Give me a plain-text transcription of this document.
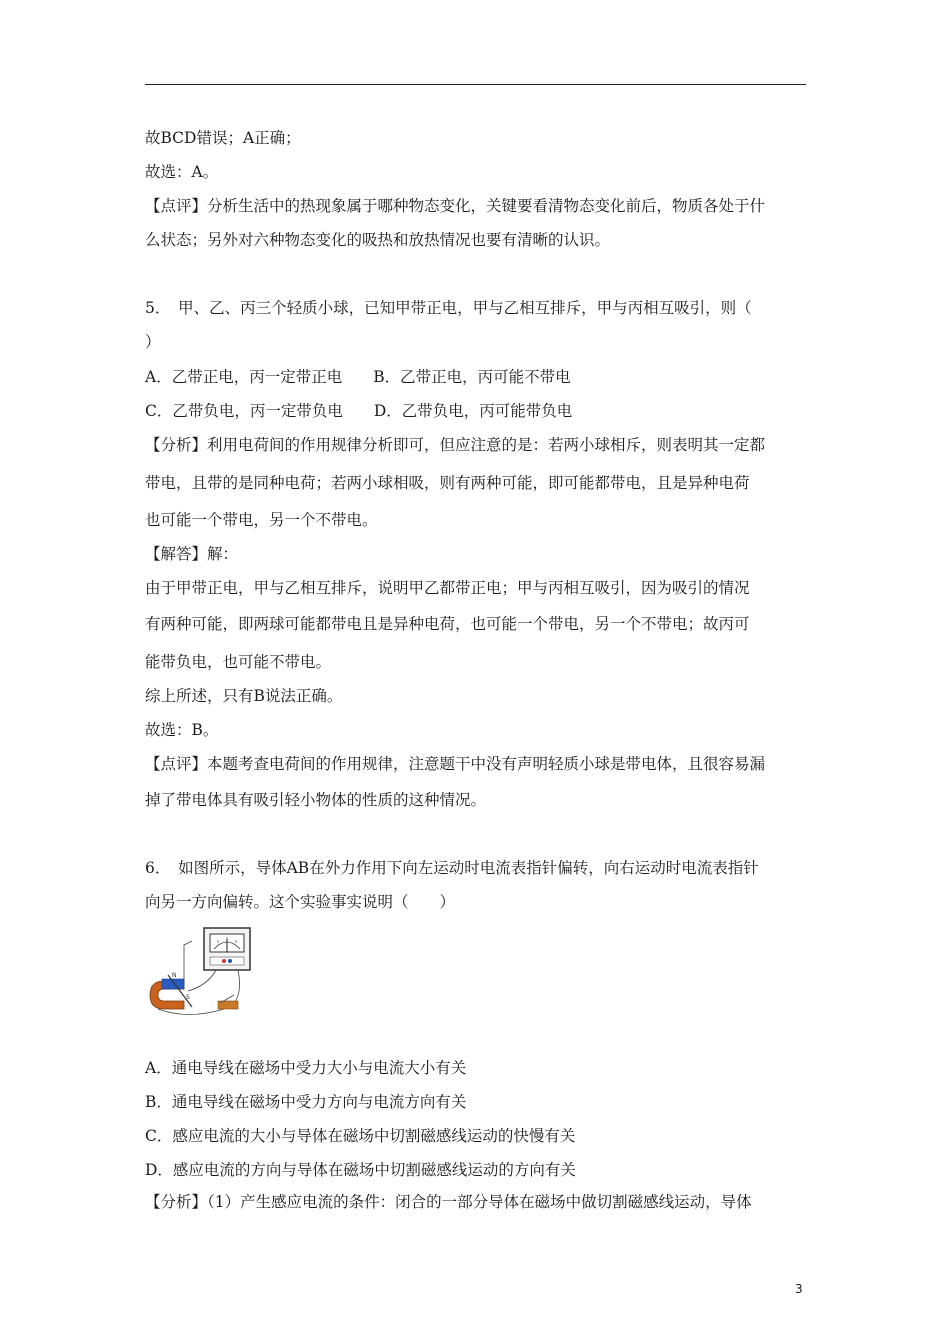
故BCD错误；A正确；
故选：A。
【点评】分析生活中的热现象属于哪种物态变化，关键要看清物态变化前后，物质各处于什
么状态；另外对六种物态变化的吸热和放热情况也要有清晰的认识。
5．　甲、乙、丙三个轻质小球，已知甲带正电，甲与乙相互排斥，甲与丙相互吸引，则（
）
A．乙带正电，丙一定带正电　　B．乙带正电，丙可能不带电
C．乙带负电，丙一定带负电　　D．乙带负电，丙可能带负电
【分析】利用电荷间的作用规律分析即可，但应注意的是：若两小球相斥，则表明其一定都
带电，且带的是同种电荷；若两小球相吸，则有两种可能，即可能都带电，且是异种电荷
也可能一个带电，另一个不带电。
【解答】解：
由于甲带正电，甲与乙相互排斥，说明甲乙都带正电；甲与丙相互吸引，因为吸引的情况
有两种可能，即两球可能都带电且是异种电荷，也可能一个带电，另一个不带电；故丙可
能带负电，也可能不带电。
综上所述，只有B说法正确。
故选：B。
【点评】本题考查电荷间的作用规律，注意题干中没有声明轻质小球是带电体，且很容易漏
掉了带电体具有吸引轻小物体的性质的这种情况。
6．　如图所示，导体AB在外力作用下向左运动时电流表指针偏转，向右运动时电流表指针
向另一方向偏转。这个实验事实说明（　　）
N
S
A．通电导线在磁场中受力大小与电流大小有关
B．通电导线在磁场中受力方向与电流方向有关
C．感应电流的大小与导体在磁场中切割磁感线运动的快慢有关
D．感应电流的方向与导体在磁场中切割磁感线运动的方向有关
【分析】（1）产生感应电流的条件：闭合的一部分导体在磁场中做切割磁感线运动，导体
3
